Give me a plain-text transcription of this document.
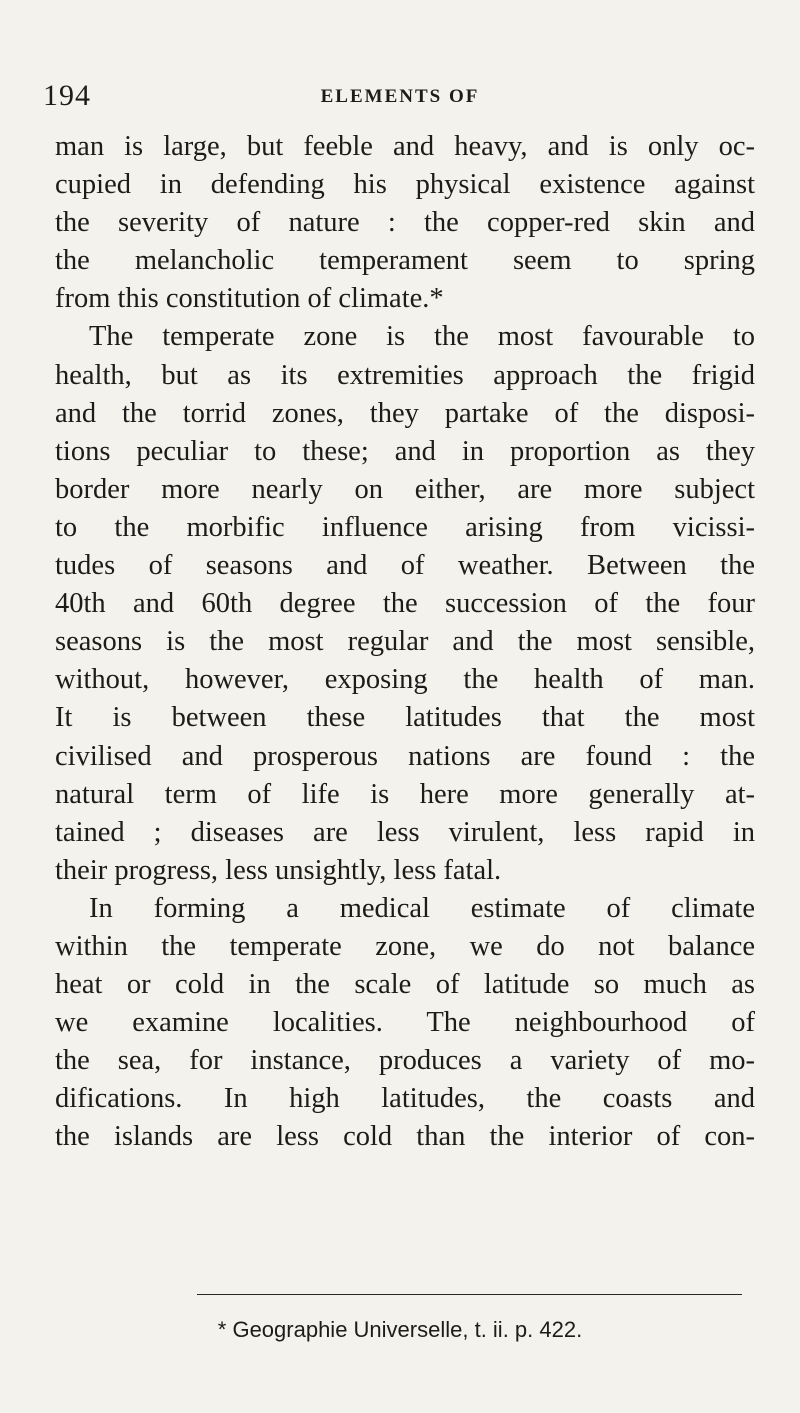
194	ELEMENTS OF
man is large, but feeble and heavy, and is only oc-
cupied in defending his physical existence against
the severity of nature : the copper-red skin and
the melancholic temperament seem to spring
from this constitution of climate.*
The temperate zone is the most favourable to
health, but as its extremities approach the frigid
and the torrid zones, they partake of the disposi-
tions peculiar to these; and in proportion as they
border more nearly on either, are more subject
to the morbific influence arising from vicissi-
tudes of seasons and of weather. Between the
40th and 60th degree the succession of the four
seasons is the most regular and the most sensible,
without, however, exposing the health of man.
It is between these latitudes that the most
civilised and prosperous nations are found : the
natural term of life is here more generally at-
tained ; diseases are less virulent, less rapid in
their progress, less unsightly, less fatal.
In forming a medical estimate of climate
within the temperate zone, we do not balance
heat or cold in the scale of latitude so much as
we examine localities. The neighbourhood of
the sea, for instance, produces a variety of mo-
difications. In high latitudes, the coasts and
the islands are less cold than the interior of con-
* Geographie Universelle, t. ii. p. 422.
